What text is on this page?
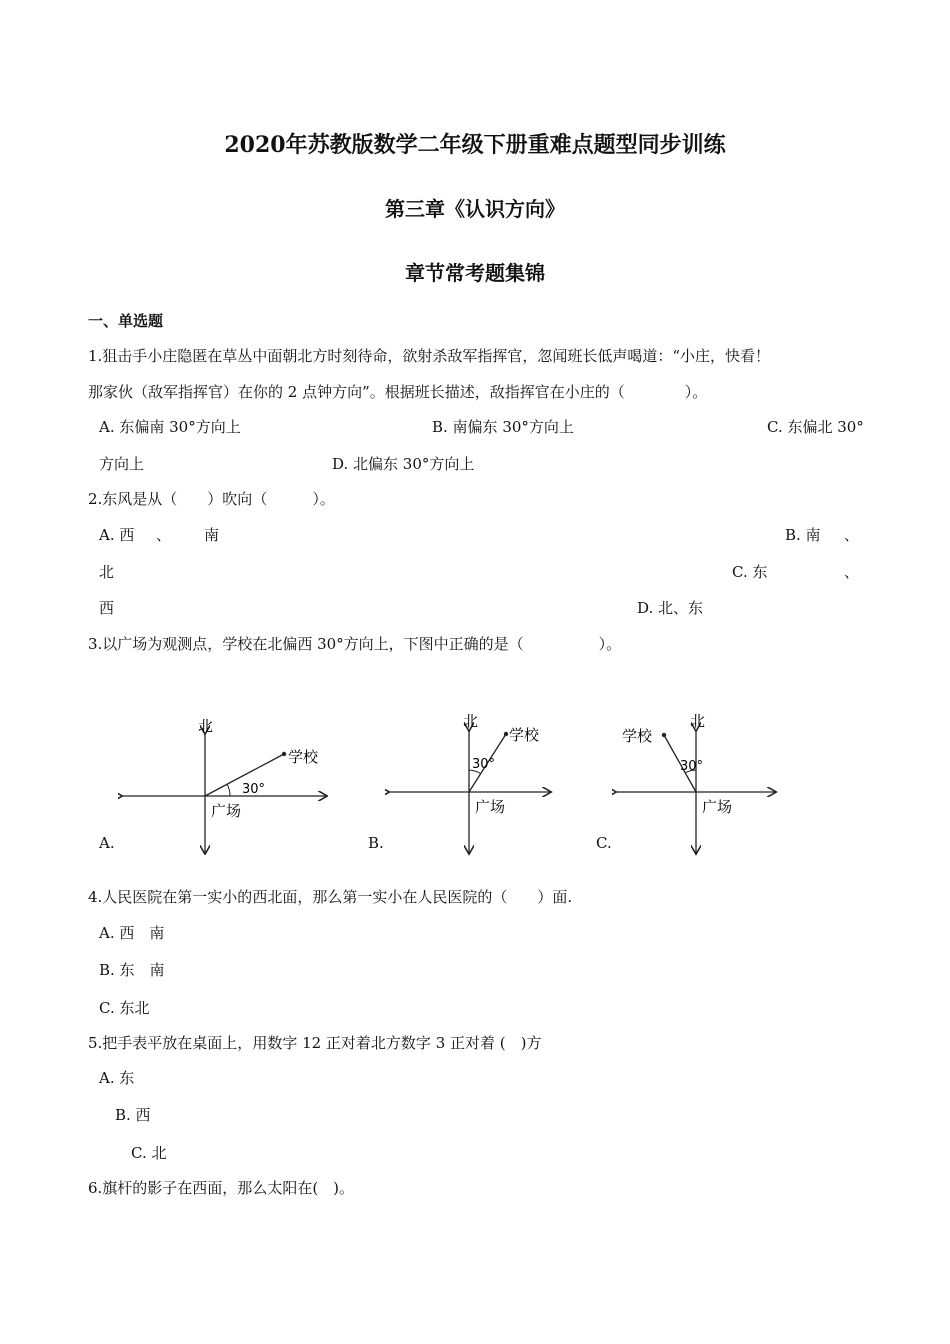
2020年苏教版数学二年级下册重难点题型同步训练
第三章《认识方向》
章节常考题集锦
一、单选题
1.狙击手小庄隐匿在草丛中面朝北方时刻待命，欲射杀敌军指挥官，忽闻班长低声喝道：“小庄，快看！
那家伙（敌军指挥官）在你的 2 点钟方向”。根据班长描述，敌指挥官在小庄的（　　　　）。
A. 东偏南 30°方向上	B. 南偏东 30°方向上	C. 东偏北 30°
方向上	D. 北偏东 30°方向上
2.东风是从（　　）吹向（　　　）。
A. 西 、 南	B. 南 、
北	C. 东	、
西	D. 北、东
3.以广场为观测点，学校在北偏西 30°方向上，下图中正确的是（　　　　　）。
A.	B.	C.
北
学校
30°
广场
北
学校
30°
广场
北
学校
30°
广场
4.人民医院在第一实小的西北面，那么第一实小在人民医院的（　　）面.
A. 西　南
B. 东　南
C. 东北
5.把手表平放在桌面上，用数字 12 正对着北方数字 3 正对着 (　)方
A. 东
B. 西
C. 北
6.旗杆的影子在西面，那么太阳在(　)。
